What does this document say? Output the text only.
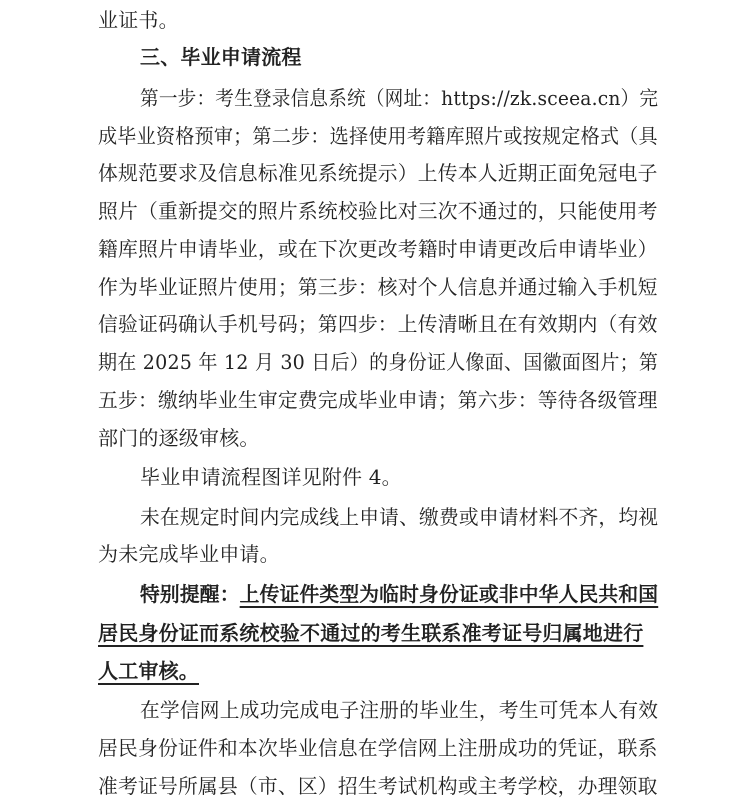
业证书。
三、毕业申请流程
第一步：考生登录信息系统（网址：https://zk.sceea.cn）完
成毕业资格预审；第二步：选择使用考籍库照片或按规定格式（具
体规范要求及信息标准见系统提示）上传本人近期正面免冠电子
照片（重新提交的照片系统校验比对三次不通过的，只能使用考
籍库照片申请毕业，或在下次更改考籍时申请更改后申请毕业）
作为毕业证照片使用；第三步：核对个人信息并通过输入手机短
信验证码确认手机号码；第四步：上传清晰且在有效期内（有效
期在 2025 年 12 月 30 日后）的身份证人像面、国徽面图片；第
五步：缴纳毕业生审定费完成毕业申请；第六步：等待各级管理
部门的逐级审核。
毕业申请流程图详见附件 4。
未在规定时间内完成线上申请、缴费或申请材料不齐，均视
为未完成毕业申请。
特别提醒：上传证件类型为临时身份证或非中华人民共和国
居民身份证而系统校验不通过的考生联系准考证号归属地进行
人工审核。
在学信网上成功完成电子注册的毕业生，考生可凭本人有效
居民身份证件和本次毕业信息在学信网上注册成功的凭证，联系
准考证号所属县（市、区）招生考试机构或主考学校，办理领取
